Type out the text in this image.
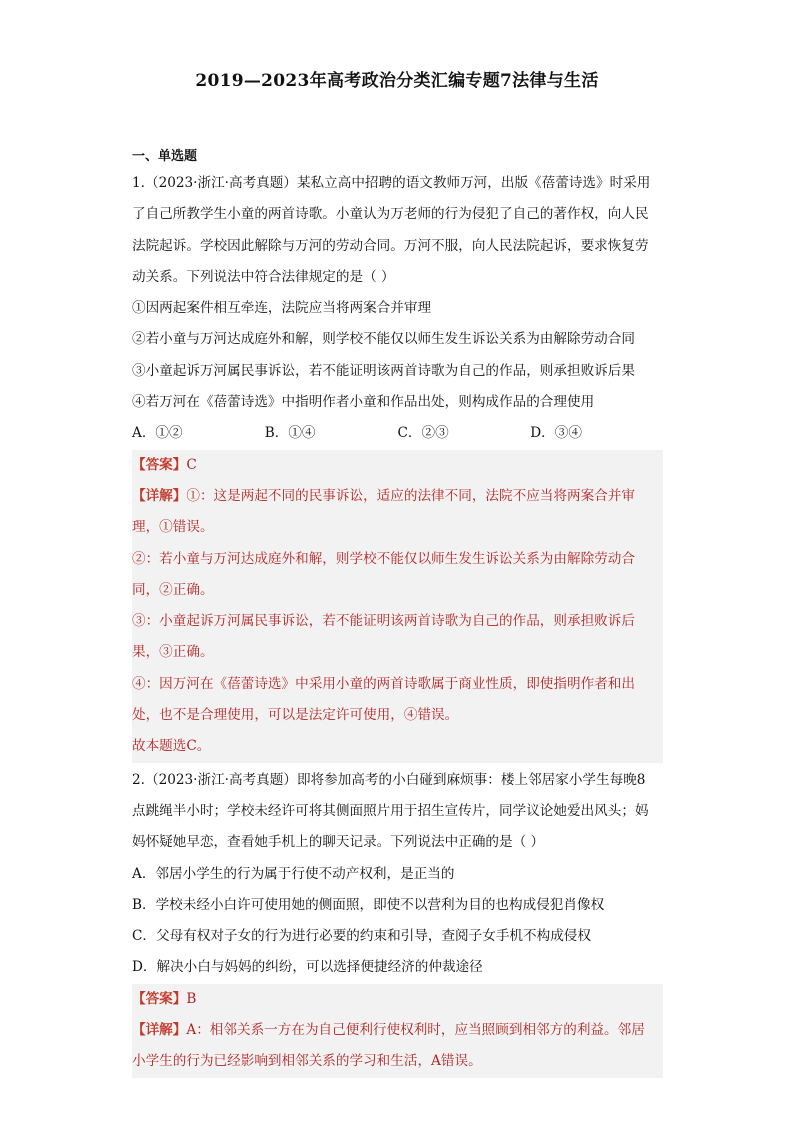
2019—2023年高考政治分类汇编专题7法律与生活
一、单选题
1.（2023·浙江·高考真题）某私立高中招聘的语文教师万河，出版《蓓蕾诗选》时采用
了自己所教学生小童的两首诗歌。小童认为万老师的行为侵犯了自己的著作权，向人民
法院起诉。学校因此解除与万河的劳动合同。万河不服，向人民法院起诉，要求恢复劳
动关系。下列说法中符合法律规定的是（ ）
①因两起案件相互牵连，法院应当将两案合并审理
②若小童与万河达成庭外和解，则学校不能仅以师生发生诉讼关系为由解除劳动合同
③小童起诉万河属民事诉讼，若不能证明该两首诗歌为自己的作品，则承担败诉后果
④若万河在《蓓蕾诗选》中指明作者小童和作品出处，则构成作品的合理使用
A．①②	B．①④	C．②③	D．③④
【答案】C
【详解】①：这是两起不同的民事诉讼，适应的法律不同，法院不应当将两案合并审
理，①错误。
②：若小童与万河达成庭外和解，则学校不能仅以师生发生诉讼关系为由解除劳动合
同，②正确。
③：小童起诉万河属民事诉讼，若不能证明该两首诗歌为自己的作品，则承担败诉后
果，③正确。
④：因万河在《蓓蕾诗选》中采用小童的两首诗歌属于商业性质，即使指明作者和出
处，也不是合理使用，可以是法定许可使用，④错误。
故本题选C。
2.（2023·浙江·高考真题）即将参加高考的小白碰到麻烦事：楼上邻居家小学生每晚8
点跳绳半小时；学校未经许可将其侧面照片用于招生宣传片，同学议论她爱出风头；妈
妈怀疑她早恋，查看她手机上的聊天记录。下列说法中正确的是（ ）
A．邻居小学生的行为属于行使不动产权利，是正当的
B．学校未经小白许可使用她的侧面照，即使不以营利为目的也构成侵犯肖像权
C．父母有权对子女的行为进行必要的约束和引导，查阅子女手机不构成侵权
D．解决小白与妈妈的纠纷，可以选择便捷经济的仲裁途径
【答案】B
【详解】A：相邻关系一方在为自己便利行使权利时，应当照顾到相邻方的利益。邻居
小学生的行为已经影响到相邻关系的学习和生活，A错误。
